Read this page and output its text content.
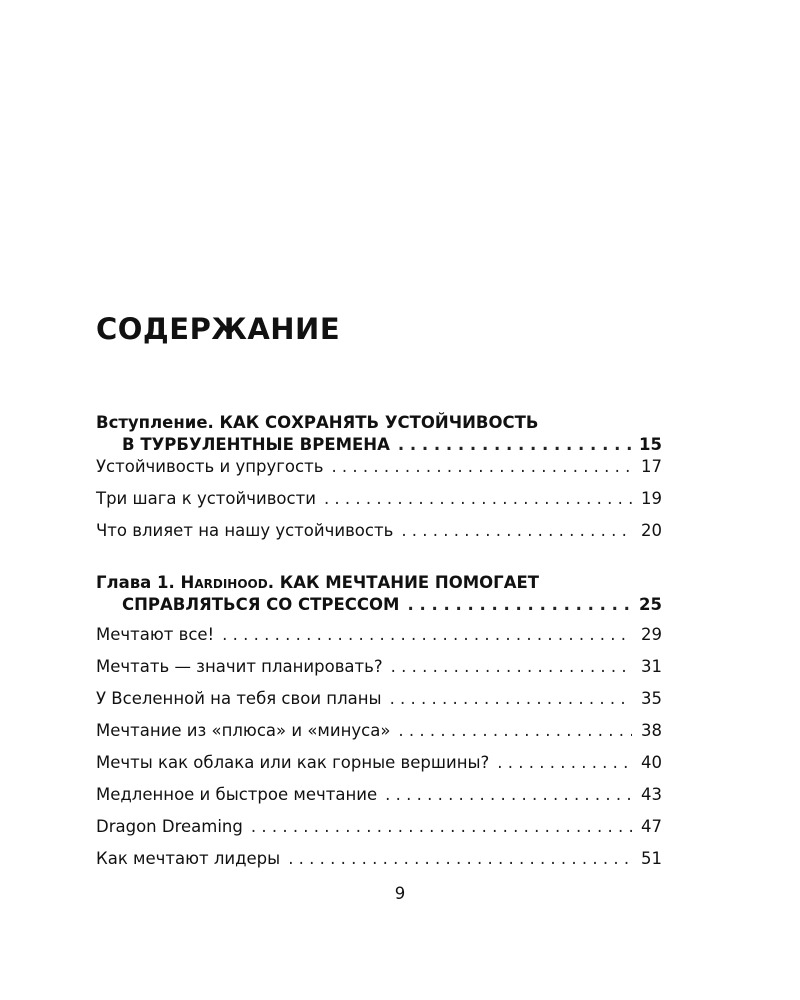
СОДЕРЖАНИЕ
Вступление. КАК СОХРАНЯТЬ УСТОЙЧИВОСТЬ
В ТУРБУЛЕНТНЫЕ ВРЕМЕНА . . .	15
Устойчивость и упругость . . .	17
Три шага к устойчивости . . .	19
Что влияет на нашу устойчивость . . .	20
Глава 1. Hardihood. КАК МЕЧТАНИЕ ПОМОГАЕТ
СПРАВЛЯТЬСЯ СО СТРЕССОМ . . .	25
Мечтают все! . . .	29
Мечтать — значит планировать? . . .	31
У Вселенной на тебя свои планы . . .	35
Мечтание из «плюса» и «минуса» . . .	38
Мечты как облака или как горные вершины? . . .	40
Медленное и быстрое мечтание . . .	43
Dragon Dreaming . . .	47
Как мечтают лидеры . . .	51
9
